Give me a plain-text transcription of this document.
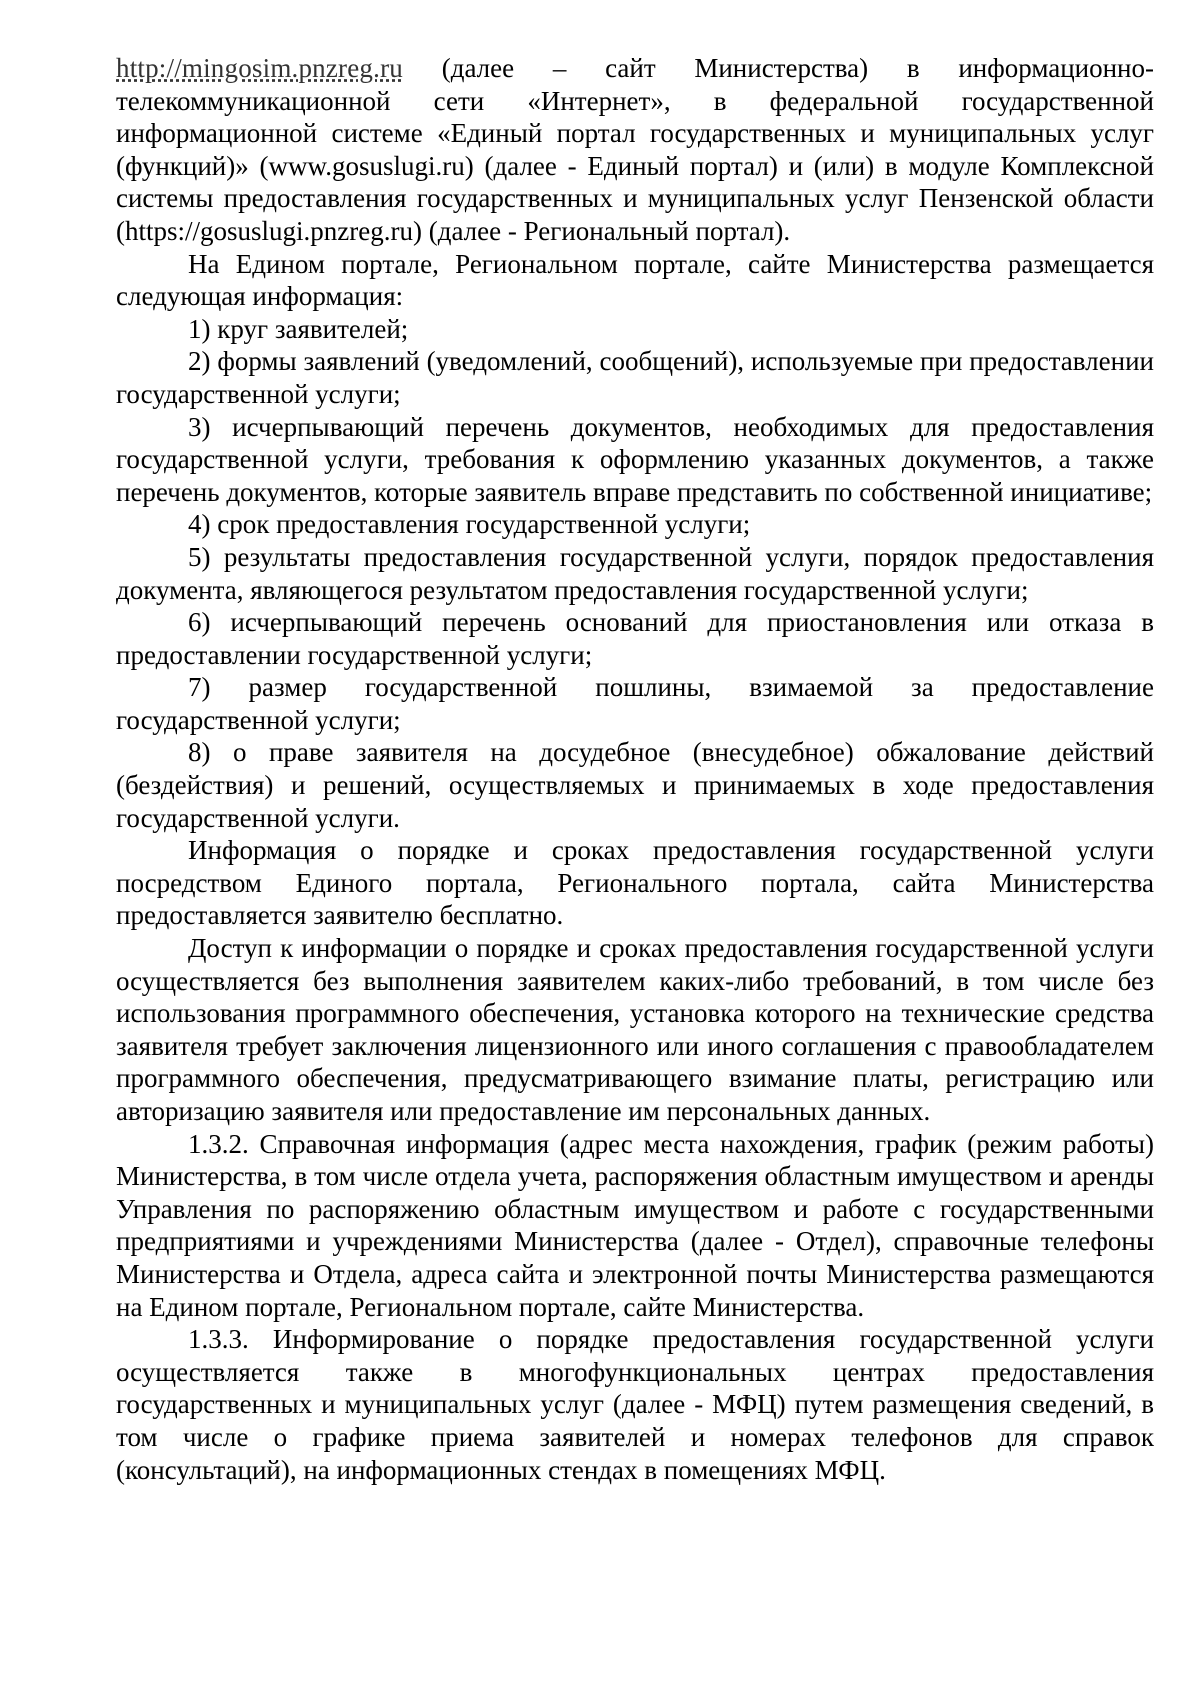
http://mingosim.pnzreg.ru (далее – сайт Министерства) в информационно-телекоммуникационной сети «Интернет», в федеральной государственной информационной системе «Единый портал государственных и муниципальных услуг (функций)» (www.gosuslugi.ru) (далее - Единый портал) и (или) в модуле Комплексной системы предоставления государственных и муниципальных услуг Пензенской области (https://gosuslugi.pnzreg.ru) (далее - Региональный портал).

На Едином портале, Региональном портале, сайте Министерства размещается следующая информация:

1) круг заявителей;

2) формы заявлений (уведомлений, сообщений), используемые при предоставлении государственной услуги;

3) исчерпывающий перечень документов, необходимых для предоставления государственной услуги, требования к оформлению указанных документов, а также перечень документов, которые заявитель вправе представить по собственной инициативе;

4) срок предоставления государственной услуги;

5) результаты предоставления государственной услуги, порядок предоставления документа, являющегося результатом предоставления государственной услуги;

6) исчерпывающий перечень оснований для приостановления или отказа в предоставлении государственной услуги;

7) размер государственной пошлины, взимаемой за предоставление государственной услуги;

8) о праве заявителя на досудебное (внесудебное) обжалование действий (бездействия) и решений, осуществляемых и принимаемых в ходе предоставления государственной услуги.

Информация о порядке и сроках предоставления государственной услуги посредством Единого портала, Регионального портала, сайта Министерства предоставляется заявителю бесплатно.

Доступ к информации о порядке и сроках предоставления государственной услуги осуществляется без выполнения заявителем каких-либо требований, в том числе без использования программного обеспечения, установка которого на технические средства заявителя требует заключения лицензионного или иного соглашения с правообладателем программного обеспечения, предусматривающего взимание платы, регистрацию или авторизацию заявителя или предоставление им персональных данных.

1.3.2. Справочная информация (адрес места нахождения, график (режим работы) Министерства, в том числе отдела учета, распоряжения областным имуществом и аренды Управления по распоряжению областным имуществом и работе с государственными предприятиями и учреждениями Министерства (далее - Отдел), справочные телефоны Министерства и Отдела, адреса сайта и электронной почты Министерства размещаются на Едином портале, Региональном портале, сайте Министерства.

1.3.3. Информирование о порядке предоставления государственной услуги осуществляется также в многофункциональных центрах предоставления государственных и муниципальных услуг (далее - МФЦ) путем размещения сведений, в том числе о графике приема заявителей и номерах телефонов для справок (консультаций), на информационных стендах в помещениях МФЦ.
